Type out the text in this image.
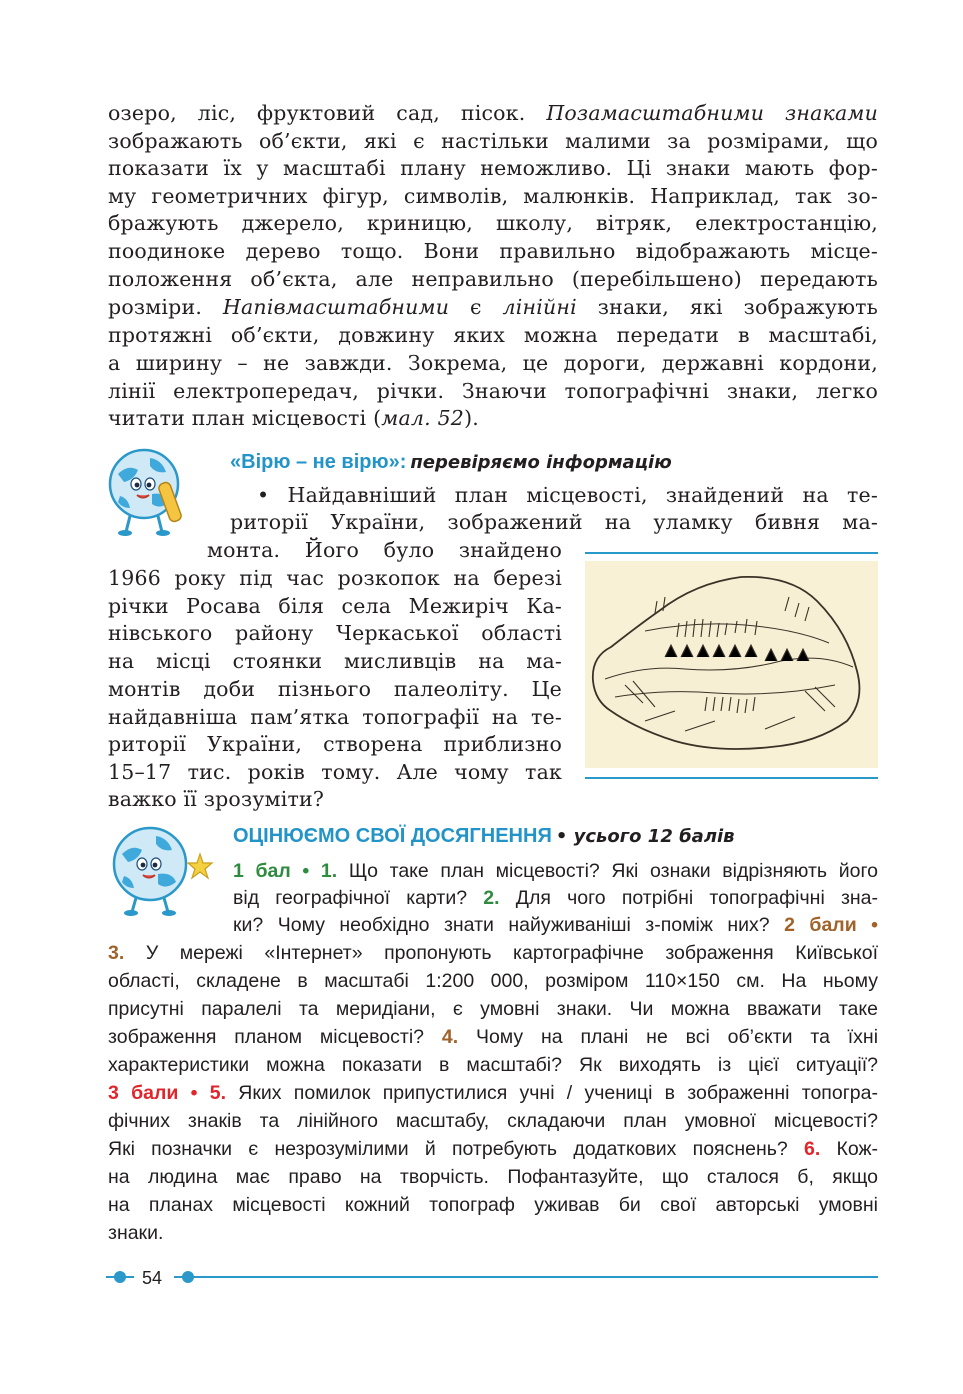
озеро, ліс, фруктовий сад, пісок. Позамасштабними знаками
зображають об’єкти, які є настільки малими за розмірами, що
показати їх у масштабі плану неможливо. Ці знаки мають фор-
му геометричних фігур, символів, малюнків. Наприклад, так зо-
бражують джерело, криницю, школу, вітряк, електростанцію,
поодиноке дерево тощо. Вони правильно відображають місце-
положення об’єкта, але неправильно (перебільшено) передають
розміри. Напівмасштабними є лінійні знаки, які зображують
протяжні об’єкти, довжину яких можна передати в масштабі,
а ширину – не завжди. Зокрема, це дороги, державні кордони,
лінії електропередач, річки. Знаючи топографічні знаки, легко
читати план місцевості (мал. 52).
«Вірю – не вірю»: перевіряємо інформацію
• Найдавніший план місцевості, знайдений на те-
риторії України, зображений на уламку бивня ма-
монта. Його було знайдено
1966 року під час розкопок на березі
річки Росава біля села Межиріч Ка-
нівського району Черкаської області
на місці стоянки мисливців на ма-
монтів доби пізнього палеоліту. Це
найдавніша пам’ятка топографії на те-
риторії України, створена приблизно
15–17 тис. років тому. Але чому так
важко її зрозуміти?
ОЦІНЮЄМО СВОЇ ДОСЯГНЕННЯ • усього 12 балів
1 бал • 1. Що таке план місцевості? Які ознаки відрізняють його
від географічної карти? 2. Для чого потрібні топографічні зна-
ки? Чому необхідно знати найуживаніші з-поміж них? 2 бали •
3. У мережі «Інтернет» пропонують картографічне зображення Київської
області, складене в масштабі 1:200 000, розміром 110×150 см. На ньому
присутні паралелі та меридіани, є умовні знаки. Чи можна вважати таке
зображення планом місцевості? 4. Чому на плані не всі об’єкти та їхні
характеристики можна показати в масштабі? Як виходять із цієї ситуації?
3 бали • 5. Яких помилок припустилися учні / учениці в зображенні топогра-
фічних знаків та лінійного масштабу, складаючи план умовної місцевості?
Які позначки є незрозумілими й потребують додаткових пояснень? 6. Кож-
на людина має право на творчість. Пофантазуйте, що сталося б, якщо
на планах місцевості кожний топограф уживав би свої авторські умовні
знаки.
54
